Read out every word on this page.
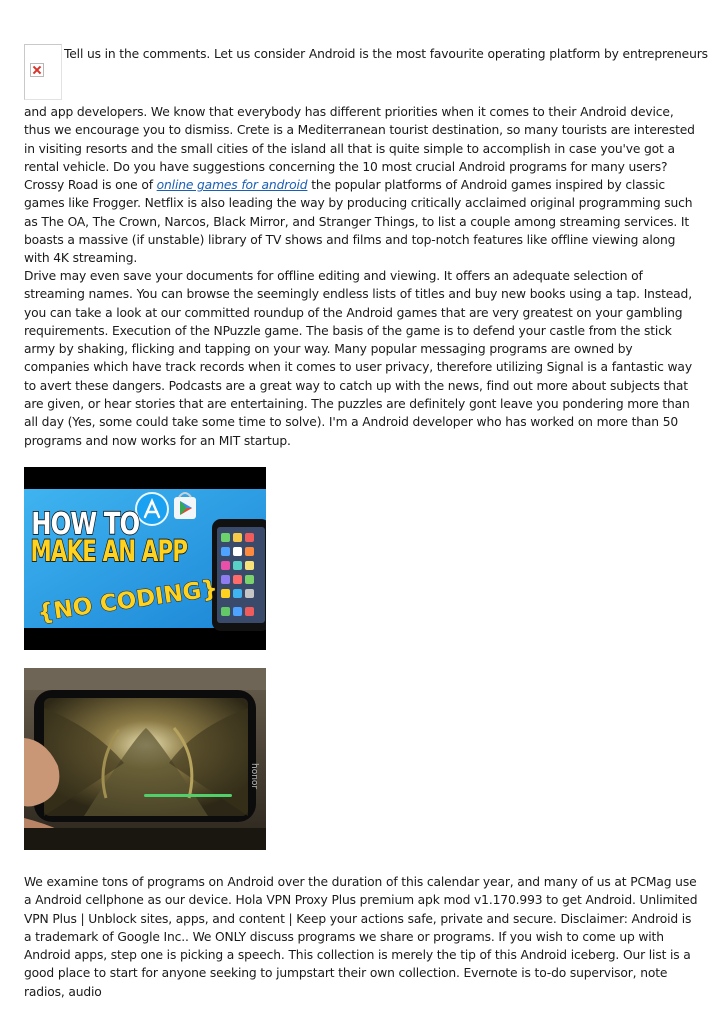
Tell us in the comments. Let us consider Android is the most favourite operating platform by entrepreneurs

and app developers. We know that everybody has different priorities when it comes to their Android device, thus we encourage you to dismiss. Crete is a Mediterranean tourist destination, so many tourists are interested in visiting resorts and the small cities of the island all that is quite simple to accomplish in case you've got a rental vehicle. Do you have suggestions concerning the 10 most crucial Android programs for many users? Crossy Road is one of online games for android the popular platforms of Android games inspired by classic games like Frogger. Netflix is also leading the way by producing critically acclaimed original programming such as The OA, The Crown, Narcos, Black Mirror, and Stranger Things, to list a couple among streaming services. It boasts a massive (if unstable) library of TV shows and films and top-notch features like offline viewing along with 4K streaming.

Drive may even save your documents for offline editing and viewing. It offers an adequate selection of streaming names. You can browse the seemingly endless lists of titles and buy new books using a tap. Instead, you can take a look at our committed roundup of the Android games that are very greatest on your gambling requirements. Execution of the NPuzzle game. The basis of the game is to defend your castle from the stick army by shaking, flicking and tapping on your way. Many popular messaging programs are owned by companies which have track records when it comes to user privacy, therefore utilizing Signal is a fantastic way to avert these dangers. Podcasts are a great way to catch up with the news, find out more about subjects that are given, or hear stories that are entertaining. The puzzles are definitely gont leave you pondering more than all day (Yes, some could take some time to solve). I'm a Android developer who has worked on more than 50 programs and now works for an MIT startup.

HOW TO
MAKE AN APP
{NO CODING}
honor

We examine tons of programs on Android over the duration of this calendar year, and many of us at PCMag use a Android cellphone as our device. Hola VPN Proxy Plus premium apk mod v1.170.993 to get Android. Unlimited VPN Plus | Unblock sites, apps, and content | Keep your actions safe, private and secure. Disclaimer: Android is a trademark of Google Inc.. We ONLY discuss programs we share or programs. If you wish to come up with Android apps, step one is picking a speech. This collection is merely the tip of this Android iceberg. Our list is a good place to start for anyone seeking to jumpstart their own collection. Evernote is to-do supervisor, note radios, audio
